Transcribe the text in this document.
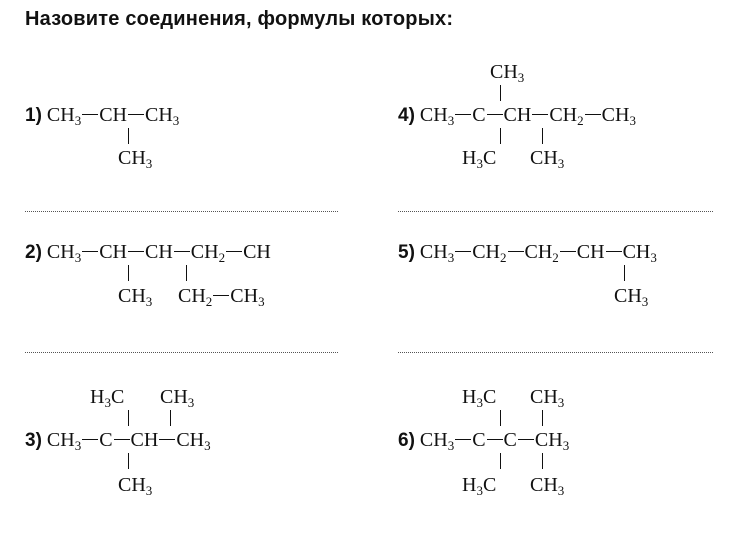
Назовите соединения, формулы которых:
1) $CH_3$ CH $CH_3$
$CH_3$
$CH_3$
4) $CH_3$ C CH $CH_2$ $CH_3$
$H_3C$ $CH_3$
2) $CH_3$ CH CH $CH_2$ CH
$CH_3$ $CH_2$ $CH_3$
5) $CH_3$ $CH_2$ $CH_2$ CH $CH_3$
$CH_3$
$H_3C$ $CH_3$
3) $CH_3$ C CH $CH_3$
$CH_3$
$H_3C$ $CH_3$
6) $CH_3$ C C $CH_3$
$H_3C$ $CH_3$
